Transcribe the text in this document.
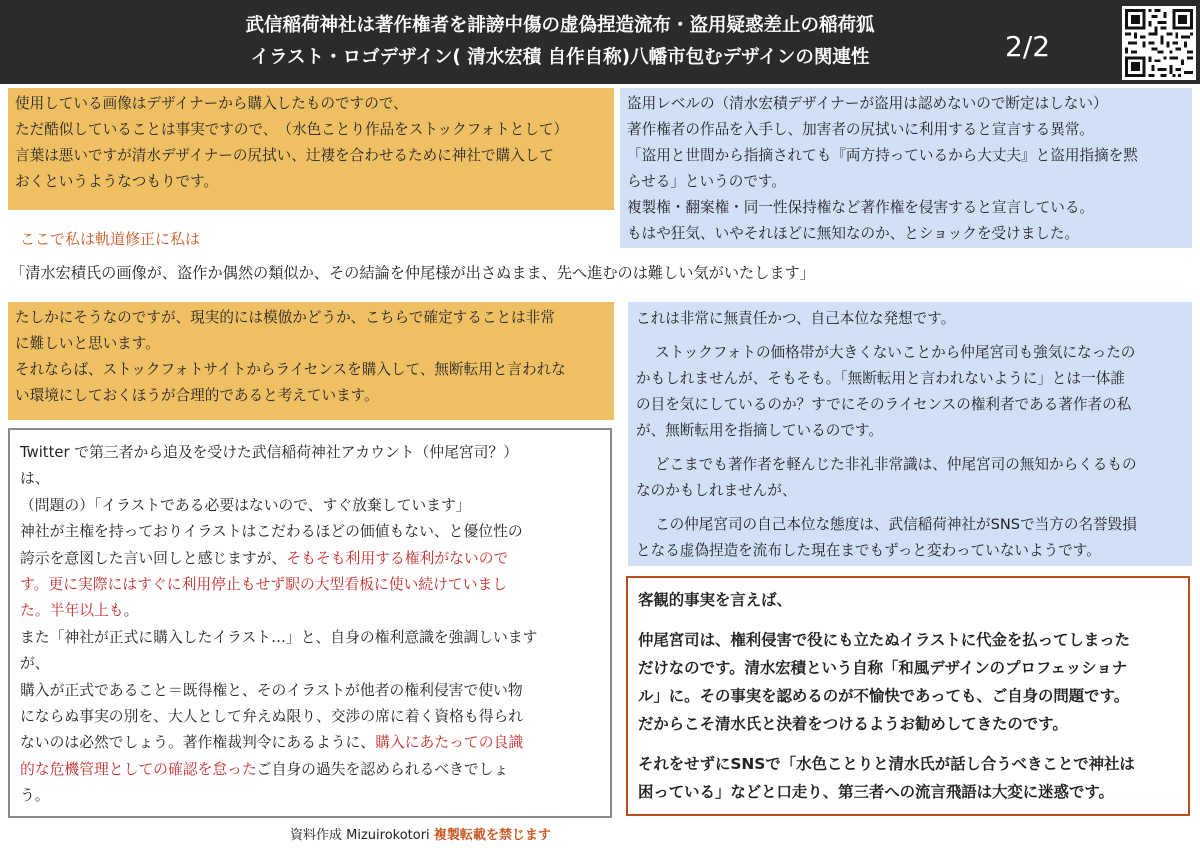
武信稲荷神社は著作権者を誹謗中傷の虚偽捏造流布・盗用疑惑差止の稲荷狐
イラスト・ロゴデザイン( 清水宏積 自作自称)八幡市包むデザインの関連性	2/2

使用している画像はデザイナーから購入したものですので、

ただ酷似していることは事実ですので、　（水色ことり作品をストックフォトとして）

言葉は悪いですが清水デザイナーの尻拭い、辻褄を合わせるために神社で購入して

おくというようなつもりです。

盗用レベルの（清水宏積デザイナーが盗用は認めないので断定はしない）

著作権者の作品を入手し、加害者の尻拭いに利用すると宣言する異常。

「盗用と世間から指摘されても『両方持っているから大丈夫』と盗用指摘を黙

らせる」というのです。

複製権・翻案権・同一性保持権など著作権を侵害すると宣言している。

もはや狂気、いやそれほどに無知なのか、とショックを受けました。

ここで私は軌道修正に私は
「清水宏積氏の画像が、盗作か偶然の類似か、その結論を仲尾様が出さぬまま、先へ進むのは難しい気がいたします」

たしかにそうなのですが、現実的には模倣かどうか、こちらで確定することは非常

に難しいと思います。

それならば、ストックフォトサイトからライセンスを購入して、無断転用と言われな

い環境にしておくほうが合理的であると考えています。

これは非常に無責任かつ、自己本位な発想です。

ストックフォトの価格帯が大きくないことから仲尾宮司も強気になったの

かもしれませんが、そもそも。「無断転用と言われないように」とは一体誰

の目を気にしているのか？すでにそのライセンスの権利者である著作者の私

が、無断転用を指摘しているのです。

どこまでも著作者を軽んじた非礼非常識は、仲尾宮司の無知からくるもの

なのかもしれませんが、

この仲尾宮司の自己本位な態度は、武信稲荷神社がSNSで当方の名誉毀損

となる虚偽捏造を流布した現在までもずっと変わっていないようです。

Twitter で第三者から追及を受けた武信稲荷神社アカウント（仲尾宮司？）

は、

（問題の）「イラストである必要はないので、すぐ放棄しています」

神社が主権を持っておりイラストはこだわるほどの価値もない、と優位性の

誇示を意図した言い回しと感じますが、そもそも利用する権利がないので

す。更に実際にはすぐに利用停止もせず駅の大型看板に使い続けていまし

た。半年以上も。

また「神社が正式に購入したイラスト…」と、自身の権利意識を強調しいます

が、

購入が正式であること＝既得権と、そのイラストが他者の権利侵害で使い物

にならぬ事実の別を、大人として弁えぬ限り、交渉の席に着く資格も得られ

ないのは必然でしょう。著作権裁判令にあるように、購入にあたっての良識

的な危機管理としての確認を怠ったご自身の過失を認められるべきでしょ

う。

客観的事実を言えば、

仲尾宮司は、権利侵害で役にも立たぬイラストに代金を払ってしまった

だけなのです。清水宏積という自称「和風デザインのプロフェッショナ

ル」に。その事実を認めるのが不愉快であっても、ご自身の問題です。

だからこそ清水氏と決着をつけるようお勧めしてきたのです。

それをせずにSNSで「水色ことりと清水氏が話し合うべきことで神社は

困っている」などと口走り、第三者への流言飛語は大変に迷惑です。

資料作成 Mizuirokotori 複製転載を禁じます
